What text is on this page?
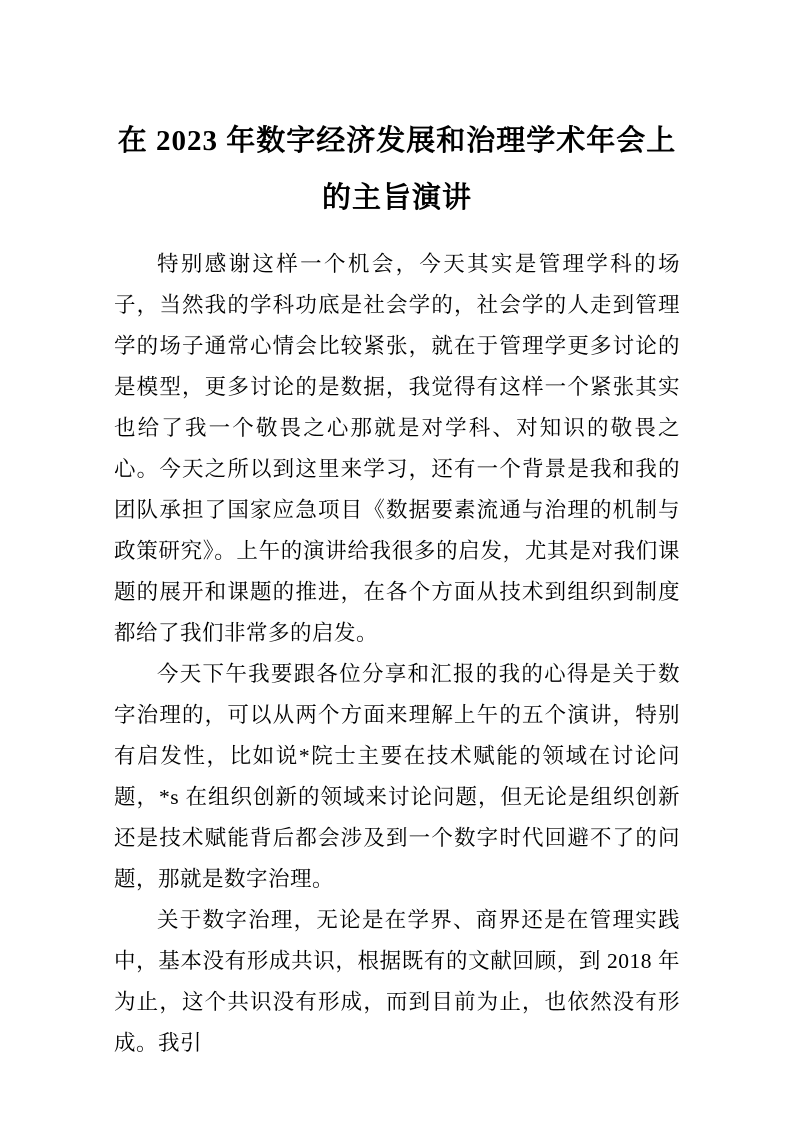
在 2023 年数字经济发展和治理学术年会上的主旨演讲

特别感谢这样一个机会，今天其实是管理学科的场子，当然我的学科功底是社会学的，社会学的人走到管理学的场子通常心情会比较紧张，就在于管理学更多讨论的是模型，更多讨论的是数据，我觉得有这样一个紧张其实也给了我一个敬畏之心那就是对学科、对知识的敬畏之心。今天之所以到这里来学习，还有一个背景是我和我的团队承担了国家应急项目《数据要素流通与治理的机制与政策研究》。上午的演讲给我很多的启发，尤其是对我们课题的展开和课题的推进，在各个方面从技术到组织到制度都给了我们非常多的启发。

今天下午我要跟各位分享和汇报的我的心得是关于数字治理的，可以从两个方面来理解上午的五个演讲，特别有启发性，比如说*院士主要在技术赋能的领域在讨论问题，*s 在组织创新的领域来讨论问题，但无论是组织创新还是技术赋能背后都会涉及到一个数字时代回避不了的问题，那就是数字治理。

关于数字治理，无论是在学界、商界还是在管理实践中，基本没有形成共识，根据既有的文献回顾，到 2018 年为止，这个共识没有形成，而到目前为止，也依然没有形成。我引
